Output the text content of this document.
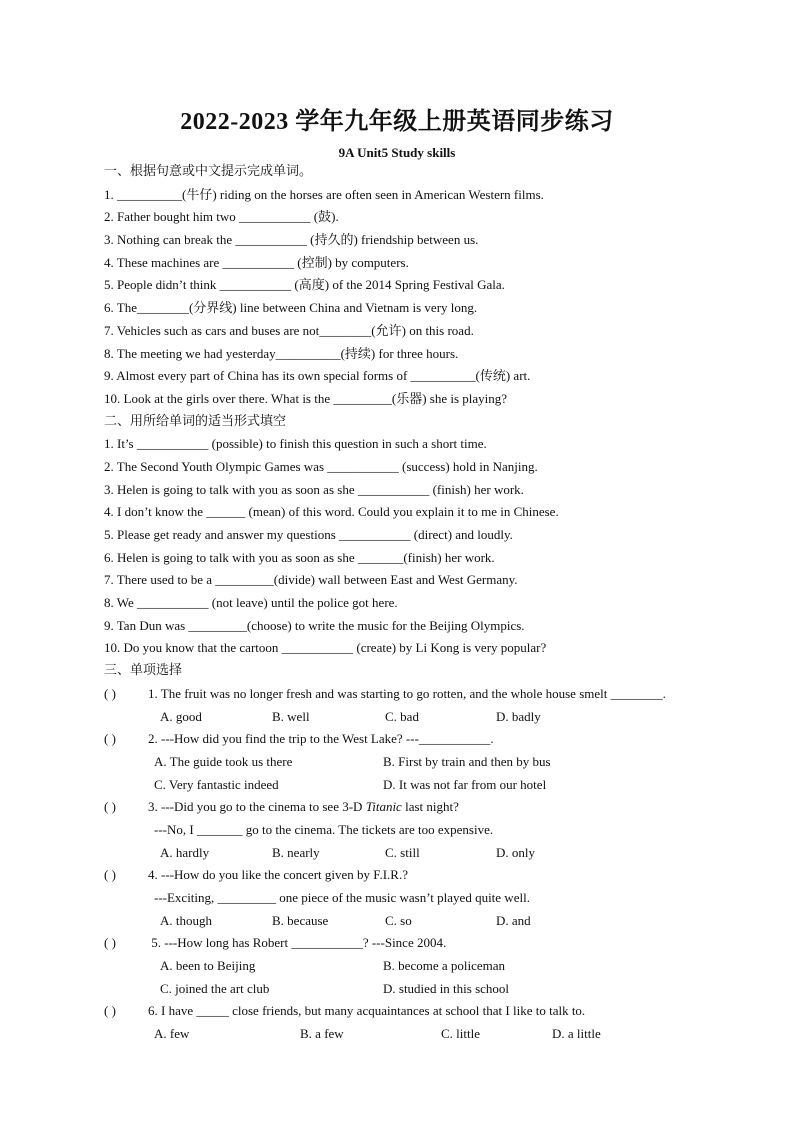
2022-2023 学年九年级上册英语同步练习
9A Unit5 Study skills
一、根据句意或中文提示完成单词。
1. __________(牛仔) riding on the horses are often seen in American Western films.
2. Father bought him two ___________ (鼓).
3. Nothing can break the ___________ (持久的) friendship between us.
4. These machines are ___________ (控制) by computers.
5. People didn’t think ___________ (高度) of the 2014 Spring Festival Gala.
6. The________(分界线) line between China and Vietnam is very long.
7. Vehicles such as cars and buses are not________(允许) on this road.
8. The meeting we had yesterday__________(持续) for three hours.
9. Almost every part of China has its own special forms of __________(传统) art.
10. Look at the girls over there. What is the _________(乐器) she is playing?
二、用所给单词的适当形式填空
1. It’s ___________ (possible) to finish this question in such a short time.
2. The Second Youth Olympic Games was ___________ (success) hold in Nanjing.
3. Helen is going to talk with you as soon as she ___________ (finish) her work.
4. I don’t know the ______ (mean) of this word. Could you explain it to me in Chinese.
5. Please get ready and answer my questions ___________ (direct) and loudly.
6. Helen is going to talk with you as soon as she _______(finish) her work.
7. There used to be a _________(divide) wall between East and West Germany.
8. We ___________ (not leave) until the police got here.
9. Tan Dun was _________(choose) to write the music for the Beijing Olympics.
10. Do you know that the cartoon ___________ (create) by Li Kong is very popular?
三、单项选择
( ) 1. The fruit was no longer fresh and was starting to go rotten, and the whole house smelt ________.
A. good	B. well	C. bad	D. badly
( ) 2. ---How did you find the trip to the West Lake? ---___________.
A. The guide took us there	B. First by train and then by bus
C. Very fantastic indeed	D. It was not far from our hotel
( ) 3. ---Did you go to the cinema to see 3-D Titanic last night?
---No, I _______ go to the cinema. The tickets are too expensive.
A. hardly	B. nearly	C. still	D. only
( ) 4. ---How do you like the concert given by F.I.R.?
---Exciting, _________ one piece of the music wasn’t played quite well.
A. though	B. because	C. so	D. and
( ) 5. ---How long has Robert ___________? ---Since 2004.
A. been to Beijing	B. become a policeman
C. joined the art club	D. studied in this school
( ) 6. I have _____ close friends, but many acquaintances at school that I like to talk to.
A. few	B. a few	C. little	D. a little
